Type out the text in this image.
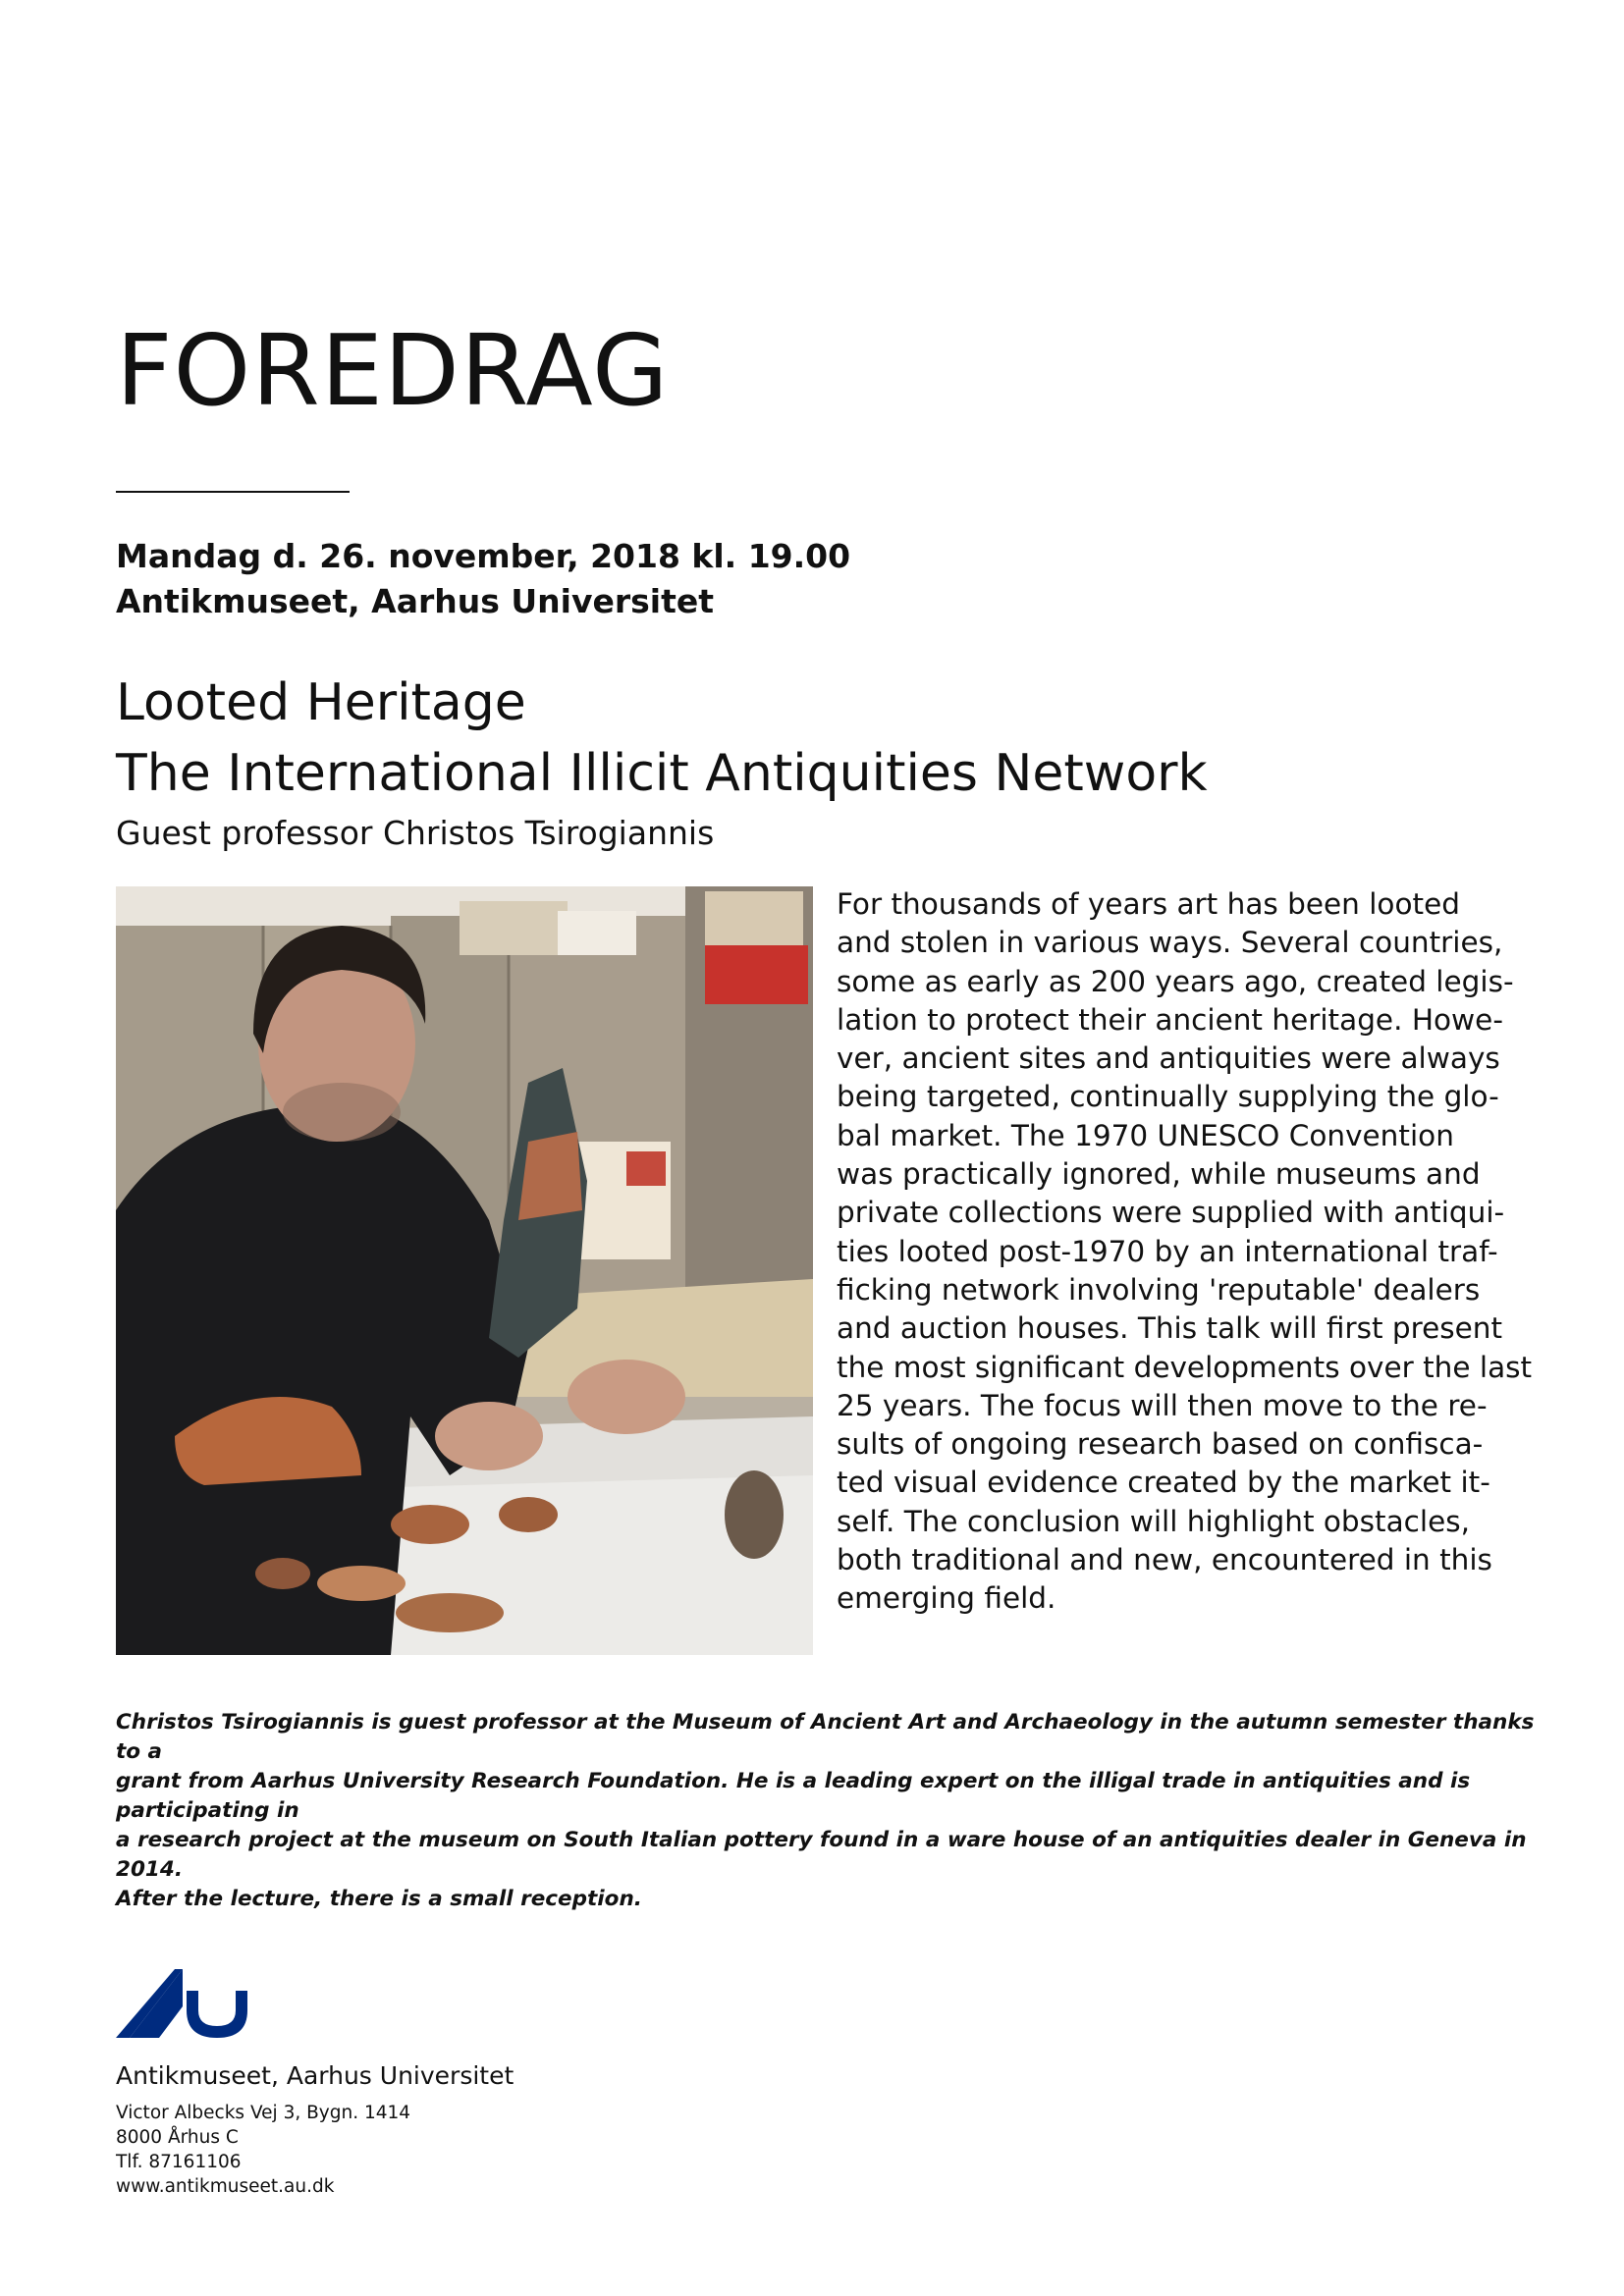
FOREDRAG
Mandag d. 26. november, 2018 kl. 19.00
Antikmuseet, Aarhus Universitet
Looted Heritage
The International Illicit Antiquities Network
Guest professor Christos Tsirogiannis
For thousands of years art has been looted
and stolen in various ways. Several countries,
some as early as 200 years ago, created legis-
lation to protect their ancient heritage. Howe-
ver, ancient sites and antiquities were always
being targeted, continually supplying the glo-
bal market. The 1970 UNESCO Convention
was practically ignored, while museums and
private collections were supplied with antiqui-
ties looted post-1970 by an international traf-
ficking network involving 'reputable' dealers
and auction houses. This talk will first present
the most significant developments over the last
25 years. The focus will then move to the re-
sults of ongoing research based on confisca-
ted visual evidence created by the market it-
self. The conclusion will highlight obstacles,
both traditional and new, encountered in this
emerging field.
Christos Tsirogiannis is guest professor at the Museum of Ancient Art and Archaeology in the autumn semester thanks to a
grant from Aarhus University Research Foundation. He is a leading expert on the illigal trade in antiquities and is participating in
a research project at the museum on South Italian pottery found in a ware house of an antiquities dealer in Geneva in 2014.
After the lecture, there is a small reception.
Antikmuseet, Aarhus Universitet
Victor Albecks Vej 3, Bygn. 1414
8000 Århus C
Tlf. 87161106
www.antikmuseet.au.dk
